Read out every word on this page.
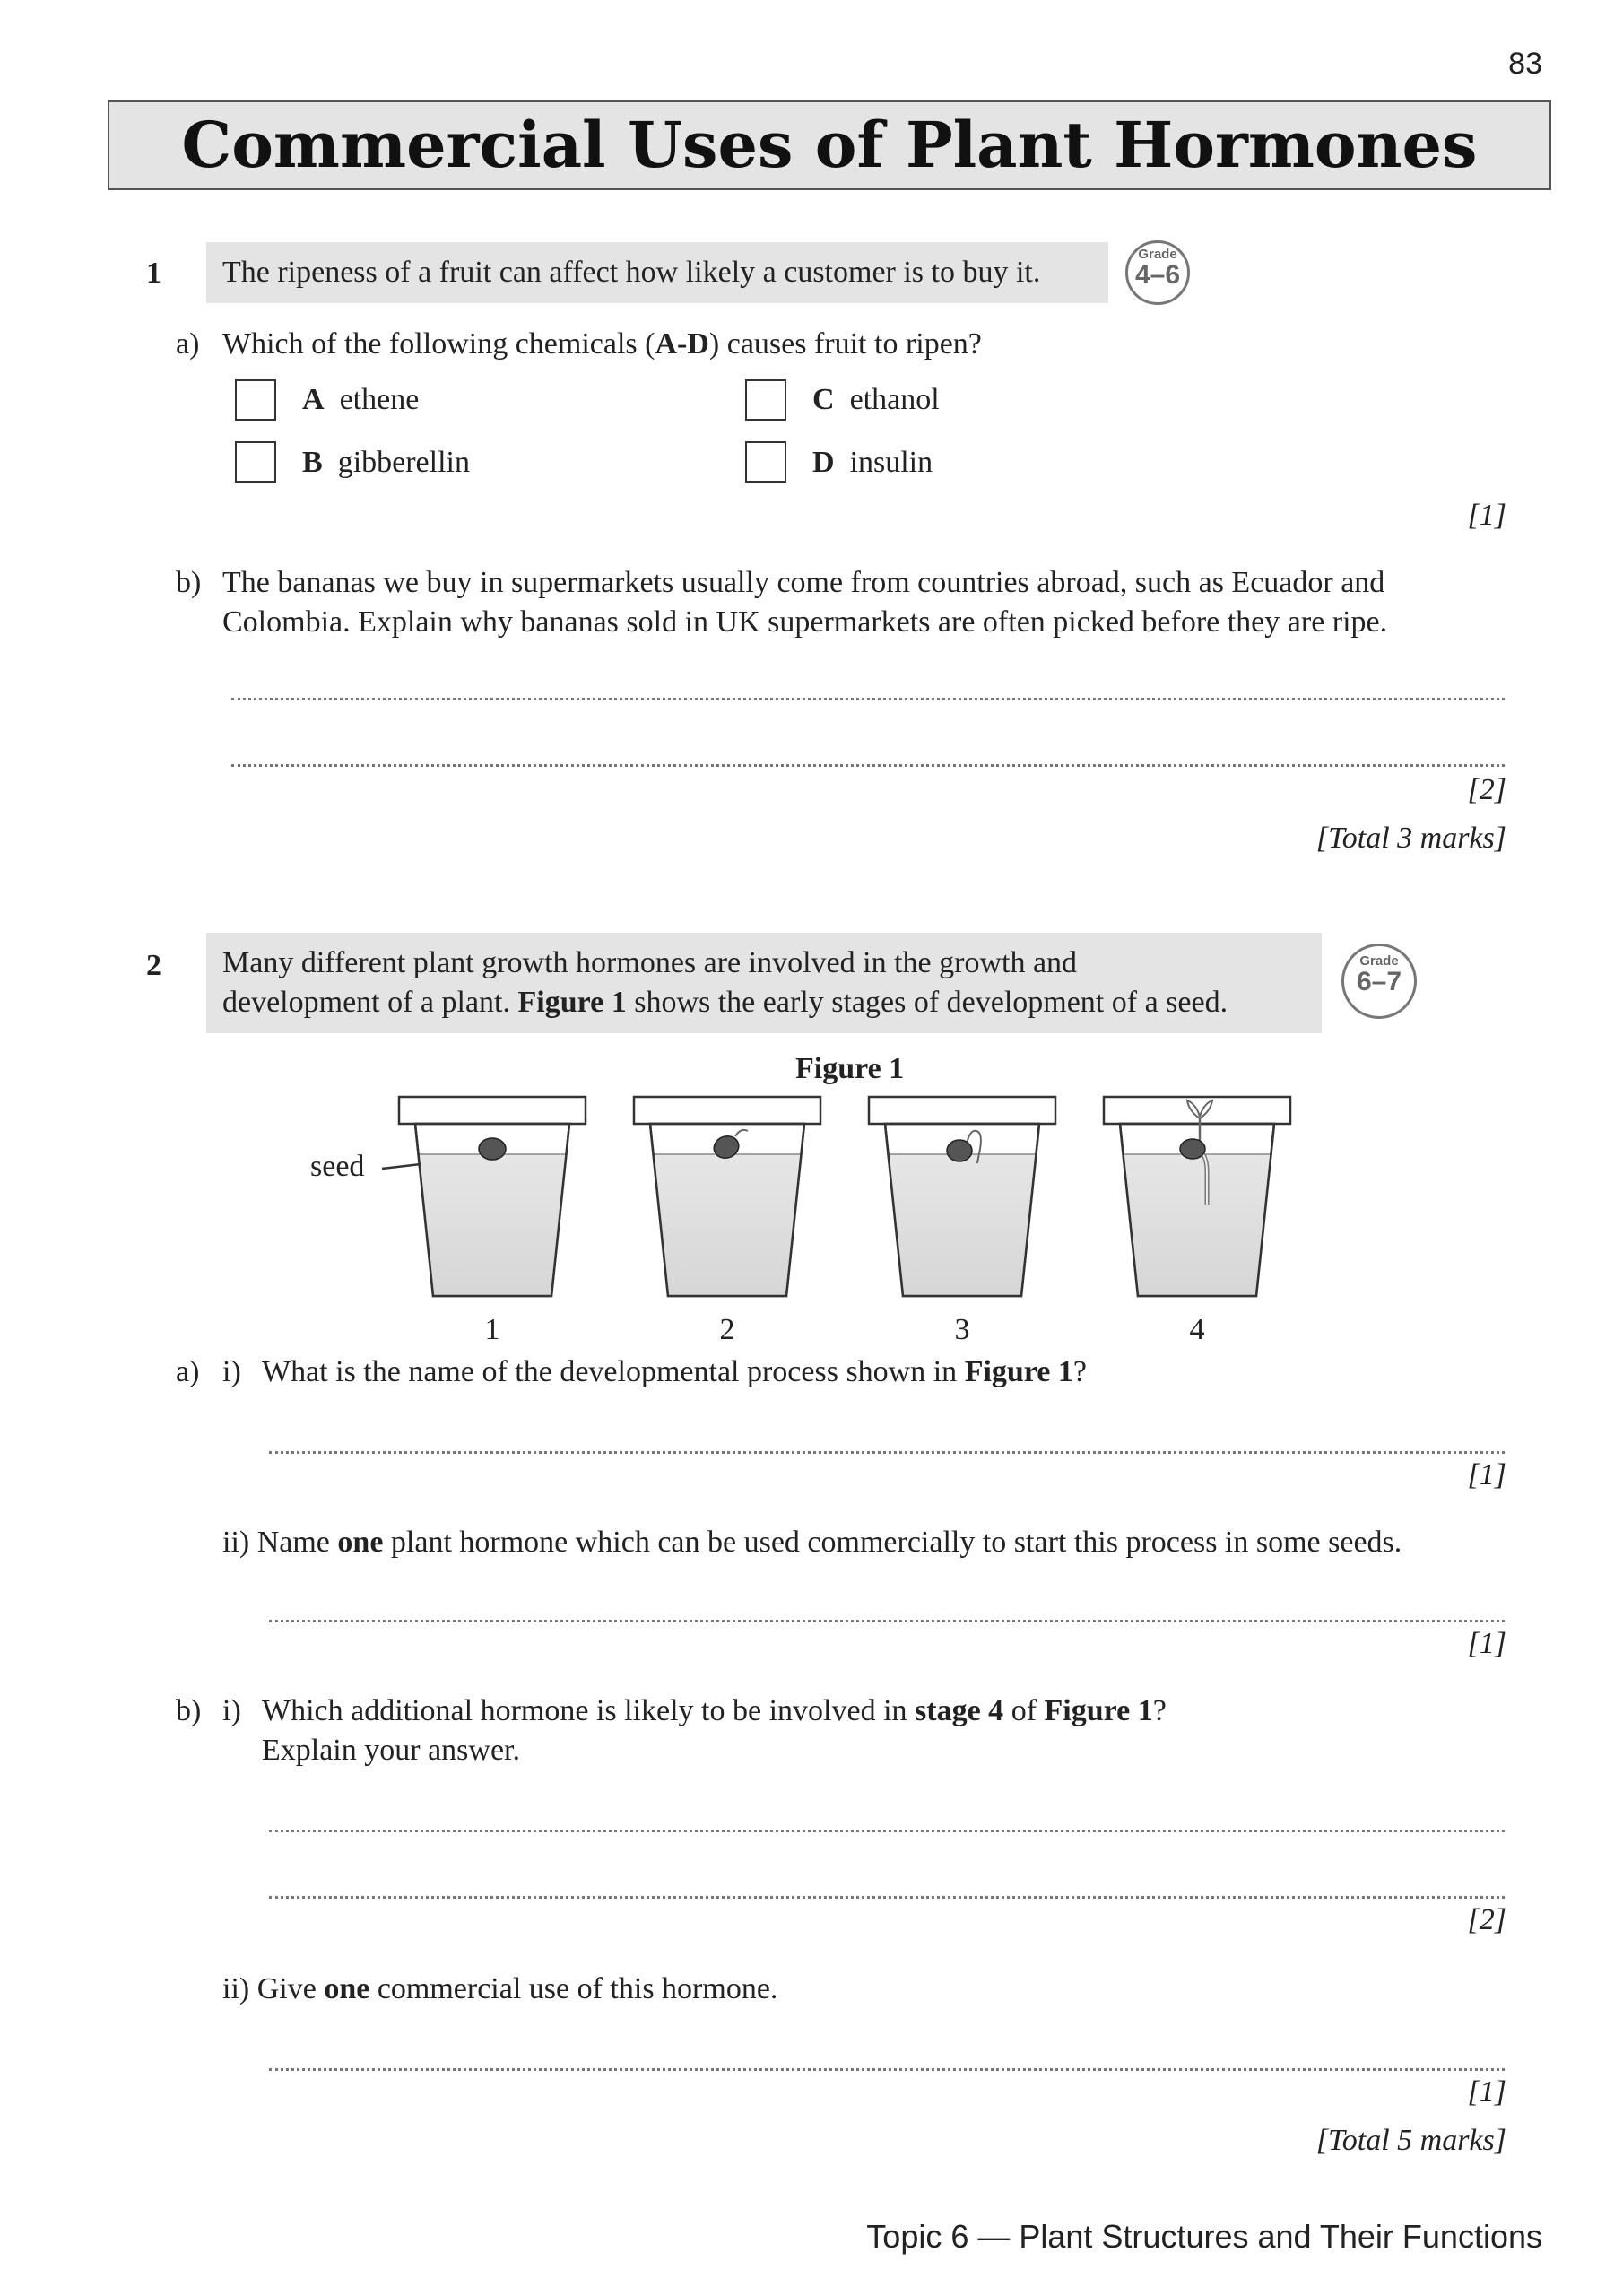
83
Commercial Uses of Plant Hormones
1	The ripeness of a fruit can affect how likely a customer is to buy it.
Grade
4–6
a) Which of the following chemicals (A-D) causes fruit to ripen?
A ethene	C ethanol
B gibberellin	D insulin
[1]
b) The bananas we buy in supermarkets usually come from countries abroad, such as Ecuador and
Colombia. Explain why bananas sold in UK supermarkets are often picked before they are ripe.
[2]
[Total 3 marks]
2 Many different plant growth hormones are involved in the growth and
development of a plant. Figure 1 shows the early stages of development of a seed.
Grade
6–7
Figure 1
seed
1	2	3	4
a) i) What is the name of the developmental process shown in Figure 1?
[1]
ii) Name one plant hormone which can be used commercially to start this process in some seeds.
[1]
b) i) Which additional hormone is likely to be involved in stage 4 of Figure 1?
Explain your answer.
[2]
ii) Give one commercial use of this hormone.
[1]
[Total 5 marks]
Topic 6 — Plant Structures and Their Functions
